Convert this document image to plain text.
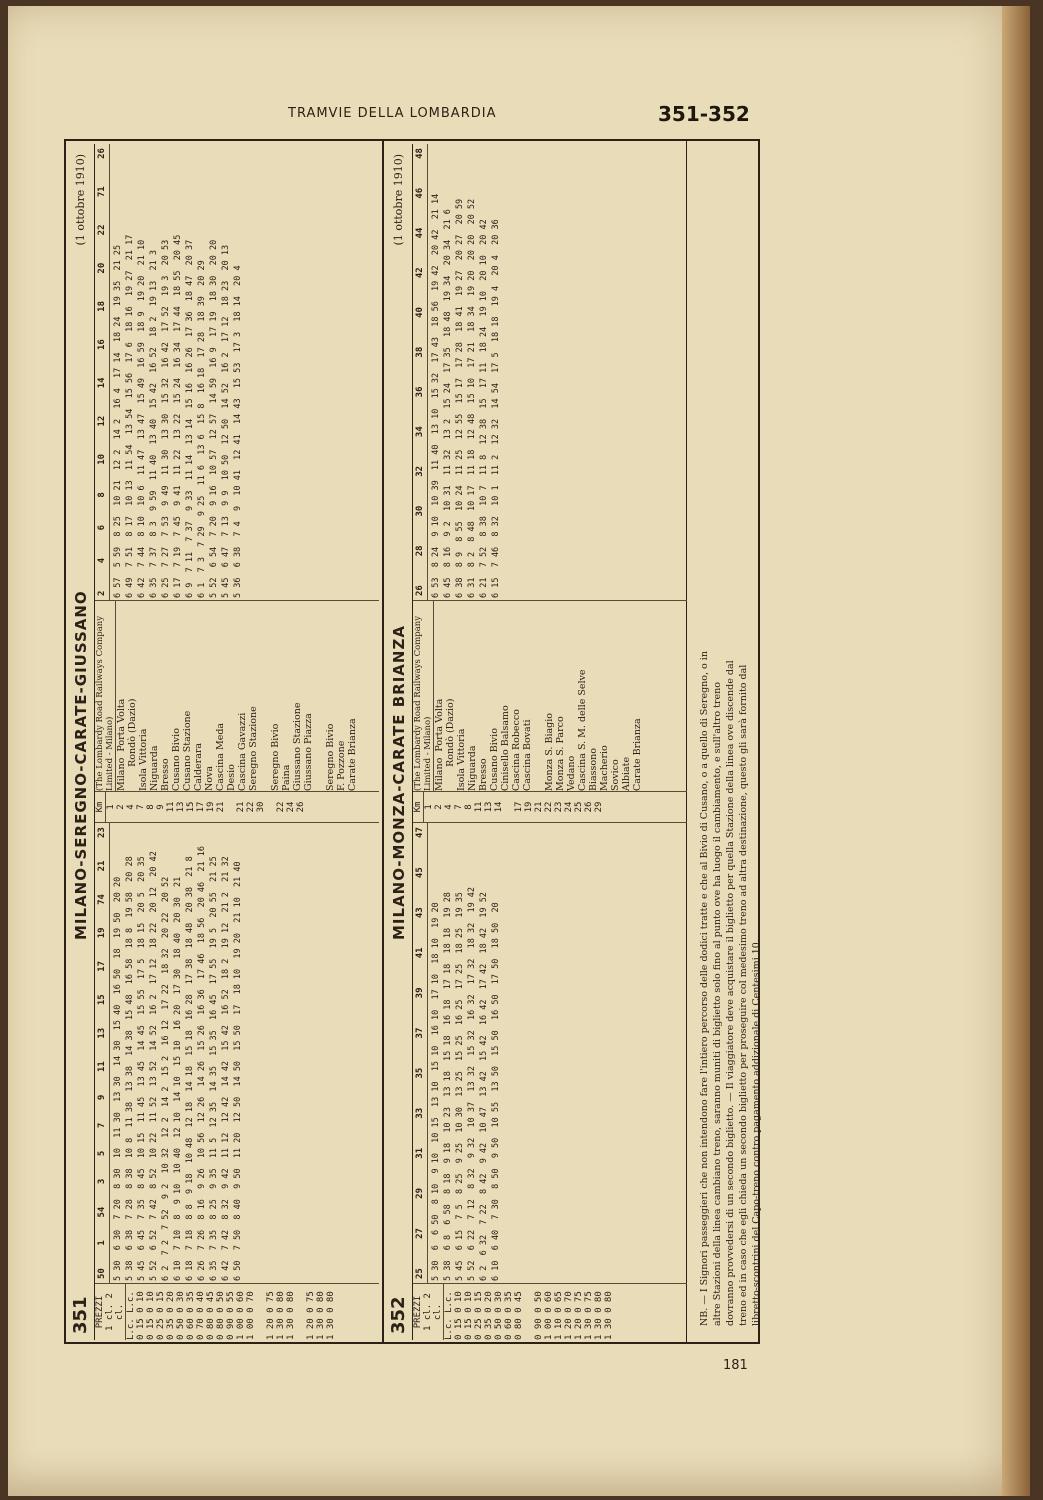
TRAMVIE DELLA LOMBARDIA	351-352
351
MILANO-SEREGNO-CARATE-GIUSSANO
(1 ottobre 1910)
PREZZI 1 cl. 2 cl.
L.c. L.c.
0 15 0 10
0 15 0 10
0 25 0 15
0 35 0 20
0 50 0 30
0 60 0 35
0 70 0 40
0 80 0 45
0 80 0 50
0 90 0 55
1 00 0 60
1 00 0 70

1 20 0 75
1 30 0 80
1 30 0 80

1 20 0 75
1 30 0 80
1 30 0 80
50
1
54
3
5
7
9
11
13
15
17
19
74
21
23
5 30  6 30  7 20  8 30  10  11 30  13 30  14 30  15 40  16 50  18  19 50  20 20
5 38  6 38  7 28  8 38  10 8  11 38  13 38  14 38  15 48  16 58  18 8  19 58  20 28
5 45  6 45  7 35  8 45  10 15  11 45  13 45  14 45  15 55  17 5  18 15  20 5  20 35
5 52  6 52  7 42  8 52  10 22  11 52  13 52  14 52  16 2  17 12  18 22  20 12  20 42
6 2  7 2  7 52  9 2  10 32  12 2  14 2  15 2  16 12  17 22  18 32  20 22  20 52
6 10  7 10  8  9 10  10 40  12 10  14 10  15 10  16 20  17 30  18 40  20 30  21
6 18  7 18  8 8  9 18  10 48  12 18  14 18  15 18  16 28  17 38  18 48  20 38  21 8
6 26  7 26  8 16  9 26  10 56  12 26  14 26  15 26  16 36  17 46  18 56  20 46  21 16
6 35  7 35  8 25  9 35  11 5  12 35  14 35  15 35  16 45  17 55  19 5  20 55  21 25
6 42  7 42  8 32  9 42  11 12  12 42  14 42  15 42  16 52  18 2  19 12  21 2  21 32
6 50  7 50  8 40  9 50  11 20  12 50  14 50  15 50  17  18 10  19 20  21 10  21 40
Km 1
2
4
7
8
9
11
13
15
17
19
21

21
22
30

22
24
26
(The Lombardy Road Railways Company Limited - Milano) Milano  Porta Volta
Rondò (Dazio)
Isola Vittoria
Niguarda
Bresso
Cusano Bivio
Cusano Stazione
Calderara
Nova
Cascina Meda
Desio
Cascina Gavazzi
Seregno Stazione

Seregno Bivio
Paina
Giussano Stazione
Giussano Piazza

Seregno Bivio
F. Pozzone
Carate Brianza
2
4
6
8
10
12
14
16
18
20
22
71
26
6 57  5 59  8 25  10 21  12 2  14 2  16 4  17 14  18 24  19 35  21 25
6 49  7 51  8 17  10 13  11 54  13 54  15 56  17 6  18 16  19 27  21 17
6 42  7 44  8 10  10 6  11 47  13 47  15 49  16 59  18 9  19 20  21 10
6 35  7 37  8 3  9 59  11 40  13 40  15 42  16 52  18 2  19 13  21 3
6 25  7 27  7 53  9 49  11 30  13 30  15 32  16 42  17 52  19 3  20 53
6 17  7 19  7 45  9 41  11 22  13 22  15 24  16 34  17 44  18 55  20 45
6 9  7 11  7 37  9 33  11 14  13 14  15 16  16 26  17 36  18 47  20 37
6 1  7 3  7 29  9 25  11 6  13 6  15 8  16 18  17 28  18 39  20 29
5 52  6 54  7 20  9 16  10 57  12 57  14 59  16 9  17 19  18 30  20 20
5 45  6 47  7 13  9 9  10 50  12 50  14 52  16 2  17 12  18 23  20 13
5 36  6 38  7 4  9  10 41  12 41  14 43  15 53  17 3  18 14  20 4
352
MILANO-MONZA-CARATE BRIANZA
(1 ottobre 1910)
PREZZI 1 cl. 2 cl.
L.c. L.c.
0 15 0 10
0 15 0 10
0 25 0 15
0 35 0 20
0 50 0 30
0 60 0 35
0 80 0 45

0 90 0 50
1 00 0 60
1 10 0 65
1 20 0 70
1 20 0 75
1 30 0 75
1 30 0 80
1 30 0 80
25
27
29
31
33
35
37
39
41
43
45
47
5 30  6  6 50  8 10  9 10  10 15  13 10  15 10  16 10  17 10  18 10  19 20
5 38  6 8  6 58  8 18  9 18  10 23  13 18  15 18  16 18  17 18  18 18  19 28
5 45  6 15  7 5  8 25  9 25  10 30  13 25  15 25  16 25  17 25  18 25  19 35
5 52  6 22  7 12  8 32  9 32  10 37  13 32  15 32  16 32  17 32  18 32  19 42
6 2  6 32  7 22  8 42  9 42  10 47  13 42  15 42  16 42  17 42  18 42  19 52
6 10  6 40  7 30  8 50  9 50  10 55  13 50  15 50  16 50  17 50  18 50  20
Km 1
2
4
7
8
11
13
14

17
19
21
22
23
24
25
26
29
(The Lombardy Road Railways Company Limited - Milano) Milano  Porta Volta
Rondò (Dazio)
Isola Vittoria
Niguarda
Bresso
Cusano Bivio
Cinisello Balsamo
Cascina Robecco
Cascina Bovati

Monza S. Biagio
Monza S. Parco
Vedano
Cascina S. M. delle Selve
Biassono
Macherio
Sovico
Albiate
Carate Brianza
26
28
30
32
34
36
38
40
42
44
46
48
6 53  8 24  9 10  10 39  11 40  13 10  15 32  17 43  18 56  19 42  20 42  21 14
6 45  8 16  9 2  10 31  11 32  13 2  15 24  17 35  18 48  19 34  20 34  21 6
6 38  8 9  8 55  10 24  11 25  12 55  15 17  17 28  18 41  19 27  20 27  20 59
6 31  8 2  8 48  10 17  11 18  12 48  15 10  17 21  18 34  19 20  20 20  20 52
6 21  7 52  8 38  10 7  11 8  12 38  15  17 11  18 24  19 10  20 10  20 42
6 15  7 46  8 32  10 1  11 2  12 32  14 54  17 5  18 18  19 4  20 4  20 36
NB. — I Signori passeggieri che non intendono fare l'intiero percorso delle dodici tratte e che al Bivio di Cusano, o a quello di Seregno, o in altre Stazioni della linea cambiano treno, saranno muniti di biglietto solo fino al punto ove ha luogo il cambiamento, e sull'altro treno dovranno provvedersi di un secondo biglietto. — Il viaggiatore deve acquistare il biglietto per quella Stazione della linea ove discende dal treno ed in caso che egli chieda un secondo biglietto per proseguire col medesimo treno ad altra destinazione, questo gli sarà fornito dal libretto-scontrini del Capo-treno contro pagamento addizionale di Centesimi 10.
181
